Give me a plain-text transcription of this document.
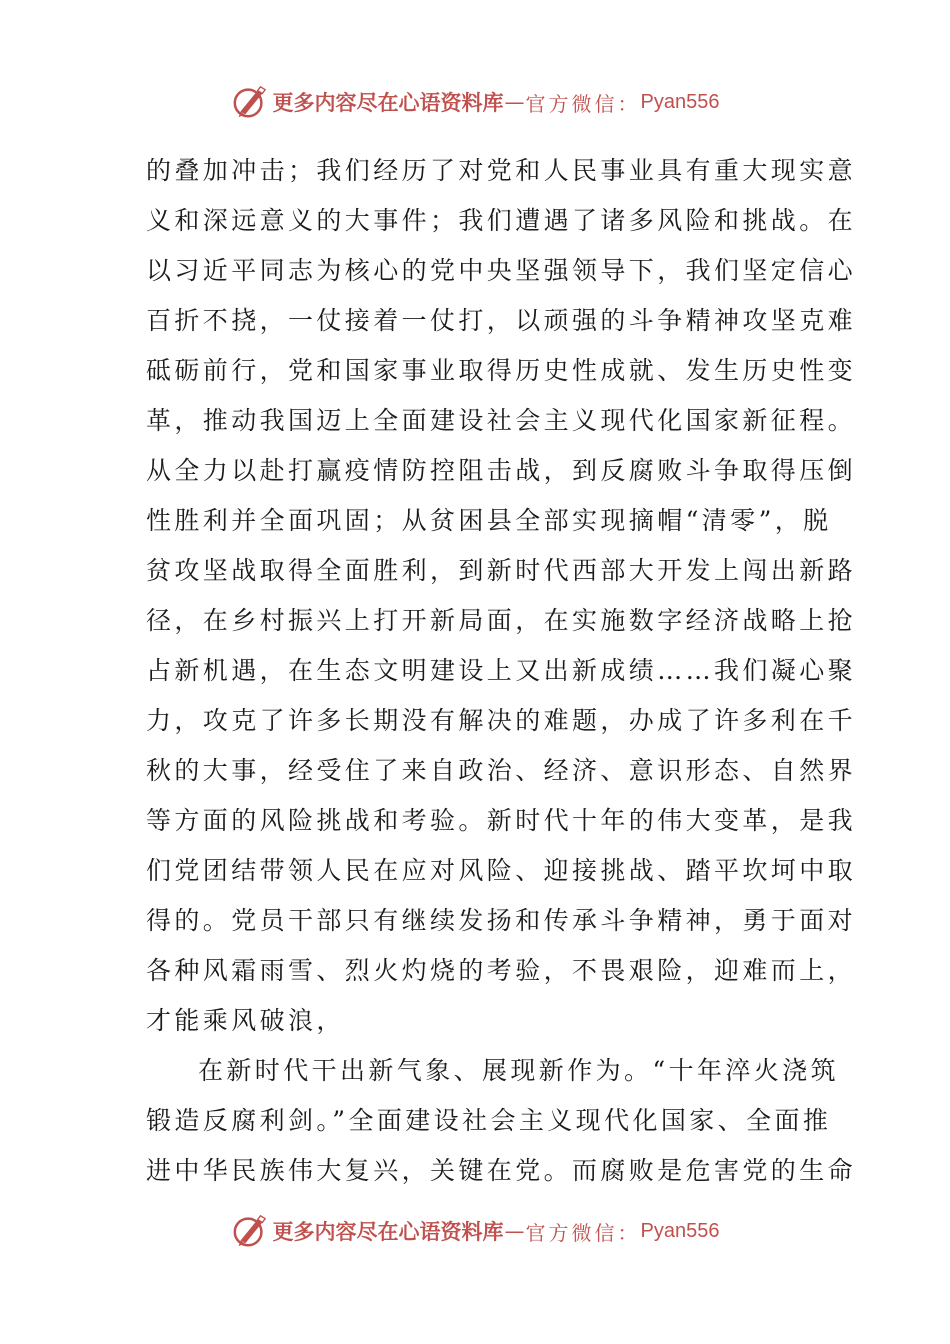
更多内容尽在心语资料库 — 官方微信： Pyan556
的叠加冲击；我们经历了对党和人民事业具有重大现实意
义和深远意义的大事件；我们遭遇了诸多风险和挑战。在
以习近平同志为核心的党中央坚强领导下，我们坚定信心
百折不挠，一仗接着一仗打，以顽强的斗争精神攻坚克难
砥砺前行，党和国家事业取得历史性成就、发生历史性变
革，推动我国迈上全面建设社会主义现代化国家新征程。
从全力以赴打赢疫情防控阻击战，到反腐败斗争取得压倒
性胜利并全面巩固；从贫困县全部实现摘帽“清零”，脱
贫攻坚战取得全面胜利，到新时代西部大开发上闯出新路
径，在乡村振兴上打开新局面，在实施数字经济战略上抢
占新机遇，在生态文明建设上又出新成绩……我们凝心聚
力，攻克了许多长期没有解决的难题，办成了许多利在千
秋的大事，经受住了来自政治、经济、意识形态、自然界
等方面的风险挑战和考验。新时代十年的伟大变革，是我
们党团结带领人民在应对风险、迎接挑战、踏平坎坷中取
得的。党员干部只有继续发扬和传承斗争精神，勇于面对
各种风霜雨雪、烈火灼烧的考验，不畏艰险，迎难而上，
才能乘风破浪，
在新时代干出新气象、展现新作为。“十年淬火浇筑
锻造反腐利剑。”全面建设社会主义现代化国家、全面推
进中华民族伟大复兴，关键在党。而腐败是危害党的生命
更多内容尽在心语资料库 — 官方微信： Pyan556
